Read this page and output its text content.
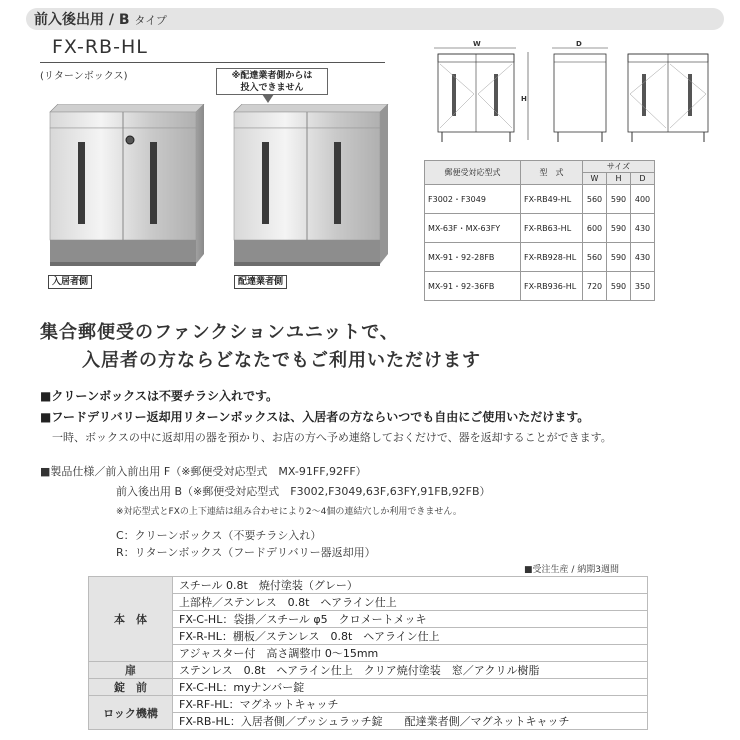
前入後出用 / B タイプ
FX-RB-HL
(リターンボックス)	※配達業者側からは
投入できません
入居者側	配達業者側
W	D
H
郵便受対応型式	型　式	サイズ		
		W	H	D
F3002・F3049	FX-RB49-HL	560	590	400
MX-63F・MX-63FY	FX-RB63-HL	600	590	430
MX-91・92-28FB	FX-RB928-HL	560	590	430
MX-91・92-36FB	FX-RB936-HL	720	590	350
集合郵便受のファンクションユニットで、
入居者の方ならどなたでもご利用いただけます
■クリーンボックスは不要チラシ入れです。
■フードデリバリー返却用リターンボックスは、入居者の方ならいつでも自由にご使用いただけます。
一時、ボックスの中に返却用の器を預かり、お店の方へ予め連絡しておくだけで、器を返却することができます。
■製品仕様／前入前出用 F（※郵便受対応型式　MX-91FF,92FF）
前入後出用 B（※郵便受対応型式　F3002,F3049,63F,63FY,91FB,92FB）
※対応型式とFXの上下連結は組み合わせにより2～4個の連結穴しか利用できません。
C：クリーンボックス（不要チラシ入れ）
R：リターンボックス（フードデリバリー器返却用）
■受注生産 / 納期3週間
本　体	スチール 0.8t　焼付塗装（グレー）
	上部枠／ステンレス　0.8t　ヘアライン仕上
	FX-C-HL：袋掛／スチール φ5　クロメートメッキ
	FX-R-HL：棚板／ステンレス　0.8t　ヘアライン仕上
	アジャスター付　高さ調整巾 0～15mm
扉	ステンレス　0.8t　ヘアライン仕上　クリア焼付塗装　窓／アクリル樹脂
錠　前	FX-C-HL：myナンバー錠
ロック機構	FX-RF-HL：マグネットキャッチ
	FX-RB-HL：入居者側／プッシュラッチ錠　　配達業者側／マグネットキャッチ
